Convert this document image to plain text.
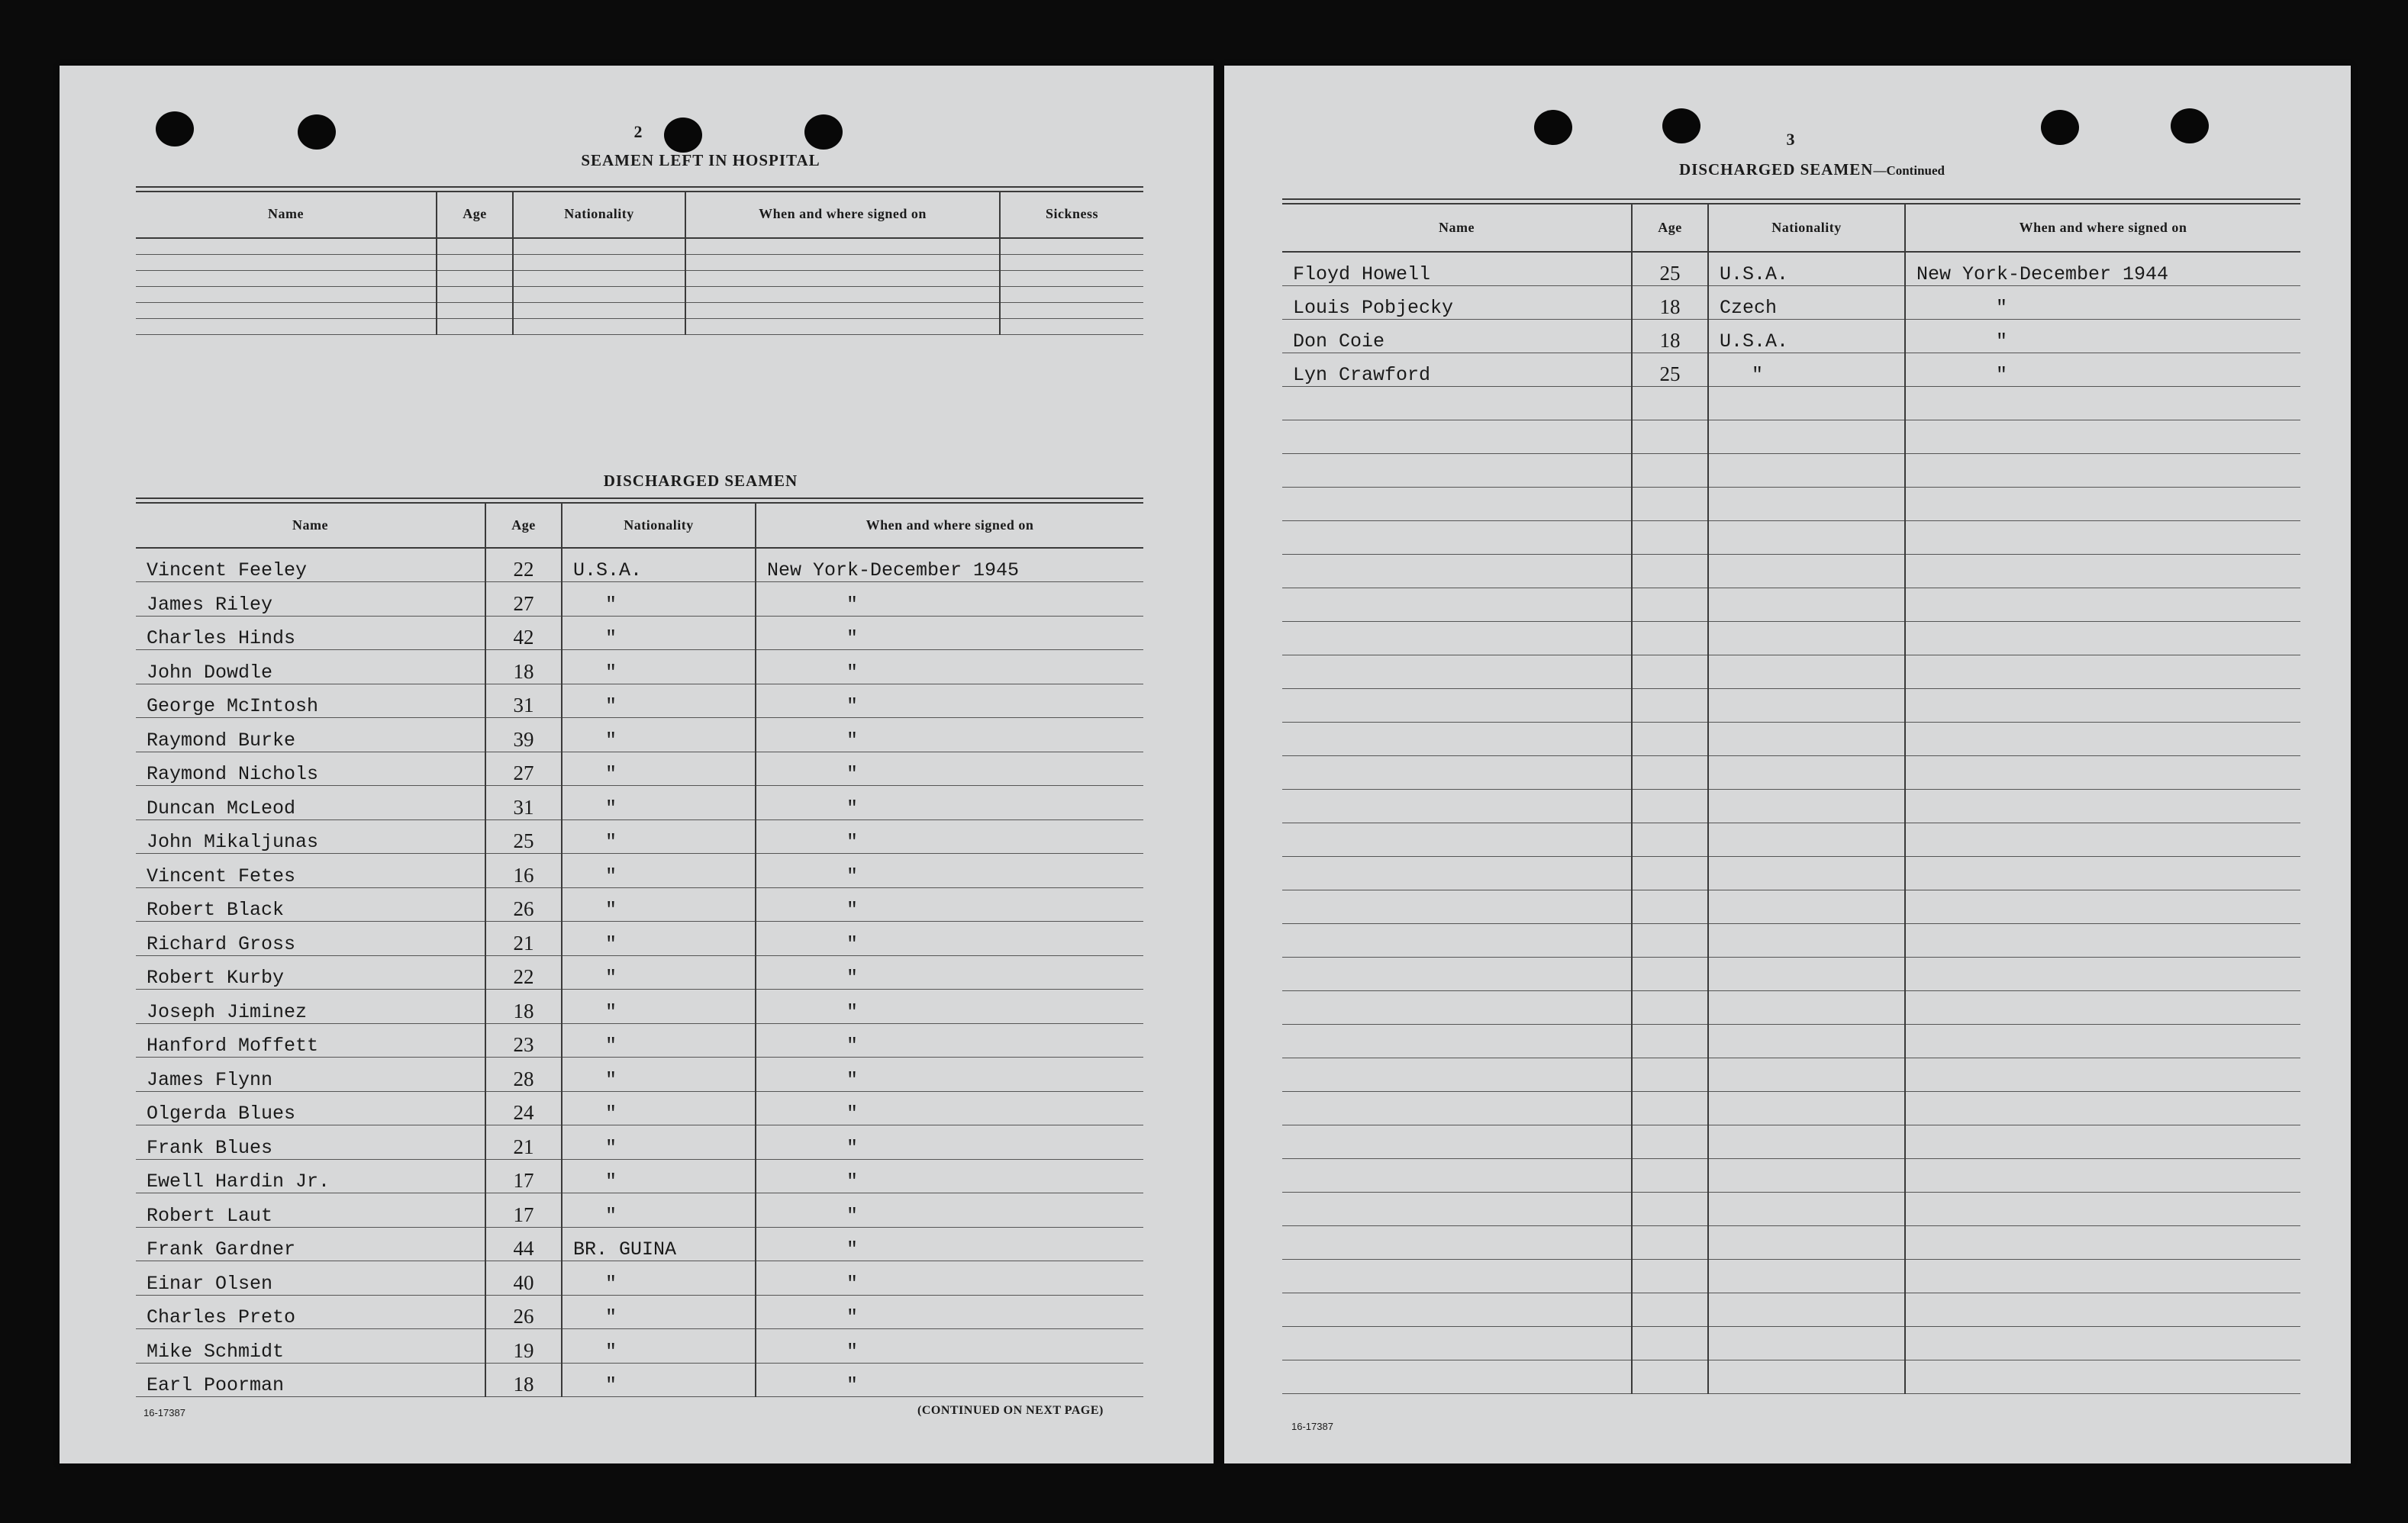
2
SEAMEN LEFT IN HOSPITAL
Name	Age	Nationality	When and where signed on	Sickness

DISCHARGED SEAMEN
Name	Age	Nationality	When and where signed on
Vincent Feeley	22	U.S.A.	New York-December 1945
James Riley	27	"	"
Charles Hinds	42	"	"
John Dowdle	18	"	"
George McIntosh	31	"	"
Raymond Burke	39	"	"
Raymond Nichols	27	"	"
Duncan McLeod	31	"	"
John Mikaljunas	25	"	"
Vincent Fetes	16	"	"
Robert Black	26	"	"
Richard Gross	21	"	"
Robert Kurby	22	"	"
Joseph Jiminez	18	"	"
Hanford Moffett	23	"	"
James Flynn	28	"	"
Olgerda Blues	24	"	"
Frank Blues	21	"	"
Ewell Hardin Jr.	17	"	"
Robert Laut	17	"	"
Frank Gardner	44	BR. GUINA	"
Einar Olsen	40	"	"
Charles Preto	26	"	"
Mike Schmidt	19	"	"
Earl Poorman	18	"	"
16-17387	(CONTINUED ON NEXT PAGE)
3
DISCHARGED SEAMEN—Continued
Name	Age	Nationality	When and where signed on
Floyd Howell	25	U.S.A.	New York-December 1944
Louis Pobjecky	18	Czech	"
Don Coie	18	U.S.A.	"
Lyn Crawford	25	"	"

16-17387
